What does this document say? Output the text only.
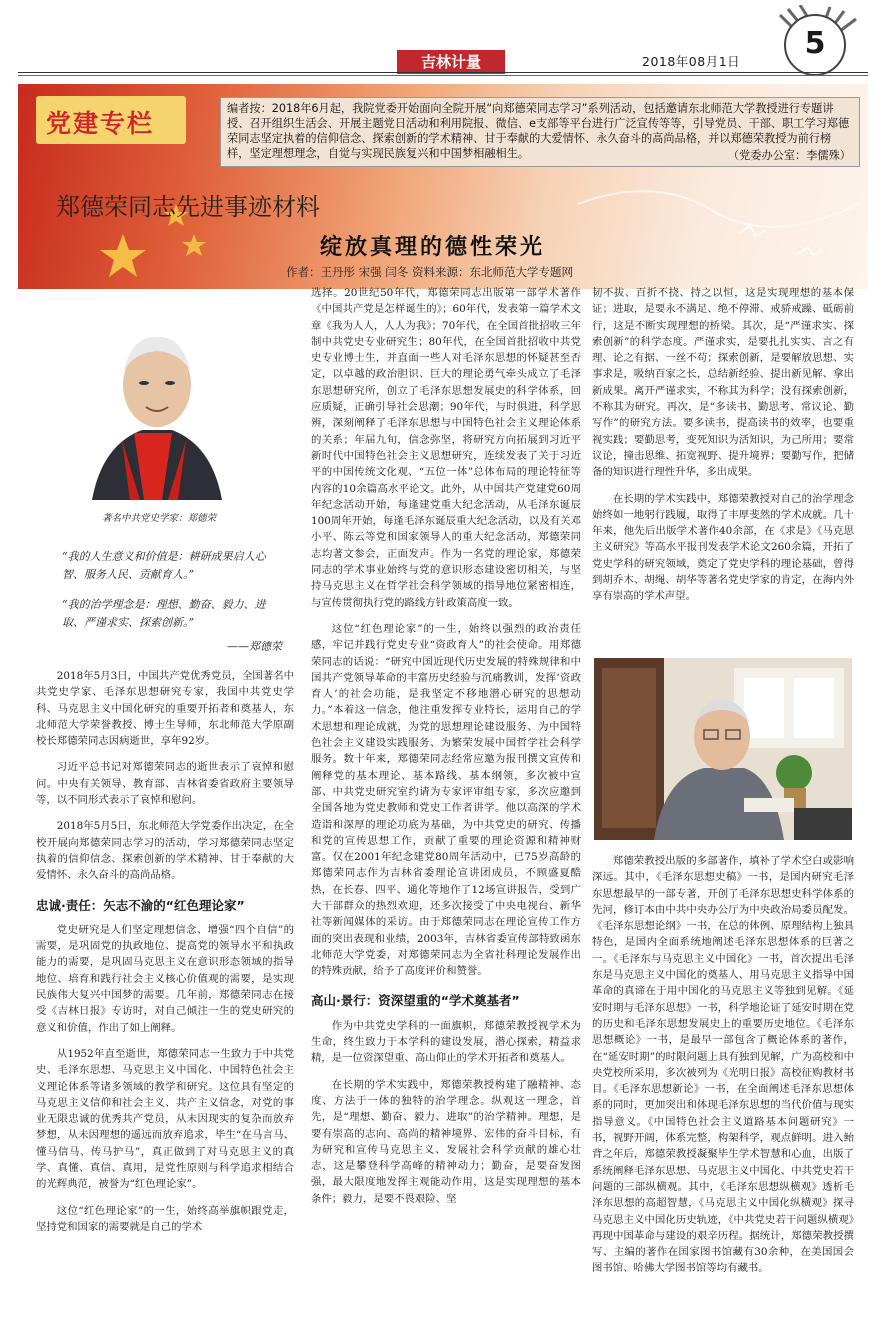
5
吉林计量	2018年08月1日
党建专栏
编者按：2018年6月起，我院党委开始面向全院开展“向郑德荣同志学习”系列活动，包括邀请东北师范大学教授进行专题讲授、召开组织生活会、开展主题党日活动和利用院报、微信、e支部等平台进行广泛宣传等等，引导党员、干部、职工学习郑德荣同志坚定执着的信仰信念、探索创新的学术精神、甘于奉献的大爱情怀、永久奋斗的高尚品格，并以郑德荣教授为前行榜样，坚定理想理念，自觉与实现民族复兴和中国梦相融相生。	（党委办公室：李儒殊）
郑德荣同志先进事迹材料
绽放真理的德性荣光
作者：王丹彤 宋强 闫冬 资料来源：东北师范大学专题网
著名中共党史学家：郑德荣
“我的人生意义和价值是：耕研成果启人心智、服务人民、贡献育人。”
“我的治学理念是：理想、勤奋、毅力、进取、严谨求实、探索创新。”
——郑德荣

2018年5月3日，中国共产党优秀党员，全国著名中共党史学家、毛泽东思想研究专家，我国中共党史学科、马克思主义中国化研究的重要开拓者和奠基人，东北师范大学荣誉教授、博士生导师，东北师范大学原副校长郑德荣同志因病逝世，享年92岁。

习近平总书记对郑德荣同志的逝世表示了哀悼和慰问。中央有关领导、教育部、吉林省委省政府主要领导等，以不同形式表示了哀悼和慰问。

2018年5月5日，东北师范大学党委作出决定，在全校开展向郑德荣同志学习的活动，学习郑德荣同志坚定执着的信仰信念、探索创新的学术精神、甘于奉献的大爱情怀、永久奋斗的高尚品格。

忠诚·责任：矢志不渝的“红色理论家”

党史研究是人们坚定理想信念、增强“四个自信”的需要，是巩固党的执政地位、提高党的领导水平和执政能力的需要，是巩固马克思主义在意识形态领域的指导地位、培育和践行社会主义核心价值观的需要，是实现民族伟大复兴中国梦的需要。几年前，郑德荣同志在接受《吉林日报》专访时，对自己倾注一生的党史研究的意义和价值，作出了如上阐释。

从1952年直至逝世，郑德荣同志一生致力于中共党史、毛泽东思想、马克思主义中国化、中国特色社会主义理论体系等诸多领域的教学和研究。这位具有坚定的马克思主义信仰和社会主义、共产主义信念，对党的事业无限忠诚的优秀共产党员，从未因现实的复杂而放弃梦想，从未因理想的遥远而放弃追求，毕生“在马言马、懂马信马、传马护马”，真正做到了对马克思主义的真学、真懂、真信、真用，是党性原则与科学追求相结合的光辉典范，被誉为“红色理论家”。

这位“红色理论家”的一生，始终高举旗帜跟党走，坚持党和国家的需要就是自己的学术

选择。20世纪50年代，郑德荣同志出版第一部学术著作《中国共产党是怎样诞生的》；60年代，发表第一篇学术文章《我为人人，人人为我》；70年代，在全国首批招收三年制中共党史专业研究生；80年代，在全国首批招收中共党史专业博士生，并直面一些人对毛泽东思想的怀疑甚至否定，以卓越的政治胆识、巨大的理论勇气牵头成立了毛泽东思想研究所，创立了毛泽东思想发展史的科学体系，回应质疑，正确引导社会思潮；90年代，与时俱进，科学思辨，深刻阐释了毛泽东思想与中国特色社会主义理论体系的关系；年届九旬，信念弥坚，将研究方向拓展到习近平新时代中国特色社会主义思想研究，连续发表了关于习近平的中国传统文化观、“五位一体”总体布局的理论特征等内容的10余篇高水平论文。此外，从中国共产党建党60周年纪念活动开始，每逢建党重大纪念活动，从毛泽东诞辰100周年开始，每逢毛泽东诞辰重大纪念活动，以及有关邓小平、陈云等党和国家领导人的重大纪念活动，郑德荣同志均著文参会，正面发声。作为一名党的理论家，郑德荣同志的学术事业始终与党的意识形态建设密切相关，与坚持马克思主义在哲学社会科学领域的指导地位紧密相连，与宣传贯彻执行党的路线方针政策高度一致。

这位“红色理论家”的一生，始终以强烈的政治责任感，牢记并践行党史专业“资政育人”的社会使命。用郑德荣同志的话说：“研究中国近现代历史发展的特殊规律和中国共产党领导革命的丰富历史经验与沉痛教训，发挥‘资政育人’的社会功能，是我坚定不移地潜心研究的思想动力。”本着这一信念，他注重发挥专业特长，运用自己的学术思想和理论成就，为党的思想理论建设服务、为中国特色社会主义建设实践服务、为繁荣发展中国哲学社会科学服务。数十年来，郑德荣同志经常应邀为报刊撰文宣传和阐释党的基本理论、基本路线、基本纲领，多次被中宣部、中共党史研究室约请为专家评审组专家，多次应邀到全国各地为党史教师和党史工作者讲学。他以高深的学术造诣和深厚的理论功底为基础，为中共党史的研究、传播和党的宣传思想工作，贡献了重要的理论资源和精神财富。仅在2001年纪念建党80周年活动中，已75岁高龄的郑德荣同志作为吉林省委理论宣讲团成员，不顾盛夏酷热，在长春、四平、通化等地作了12场宣讲报告，受到广大干部群众的热烈欢迎，还多次接受了中央电视台、新华社等新闻媒体的采访。由于郑德荣同志在理论宣传工作方面的突出表现和业绩，2003年，吉林省委宣传部特致函东北师范大学党委，对郑德荣同志为全省社科理论发展作出的特殊贡献，给予了高度评价和赞誉。

高山·景行：资深望重的“学术奠基者”

作为中共党史学科的一面旗帜，郑德荣教授视学术为生命，终生致力于本学科的建设发展，潜心探索，精益求精，是一位资深望重、高山仰止的学术开拓者和奠基人。

在长期的学术实践中，郑德荣教授构建了融精神、态度、方法于一体的独特的治学理念。纵观这一理念，首先，是“理想、勤奋、毅力、进取”的治学精神。理想，是要有崇高的志向、高尚的精神境界、宏伟的奋斗目标，有为研究和宣传马克思主义、发展社会科学贡献的雄心壮志，这是攀登科学高峰的精神动力；勤奋，是要奋发图强，最大限度地发挥主观能动作用，这是实现理想的基本条件；毅力，是要不畏艰险、坚

韧不拔、百折不挠、持之以恒，这是实现理想的基本保证；进取，是要永不满足、绝不停滞、戒骄戒躁、砥砺前行，这是不断实现理想的桥梁。其次，是“严谨求实、探索创新”的科学态度。严谨求实，是要扎扎实实、言之有理、论之有据、一丝不苟；探索创新，是要解放思想、实事求是，吸纳百家之长，总结新经验、提出新见解、拿出新成果。离开严谨求实，不称其为科学；没有探索创新，不称其为研究。再次，是“多读书、勤思考、常议论、勤写作”的研究方法。要多读书，提高读书的效率，也要重视实践；要勤思考，变死知识为活知识，为己所用；要常议论，撞击思维、拓宽视野、提升境界；要勤写作，把储备的知识进行理性升华，多出成果。

在长期的学术实践中，郑德荣教授对自己的治学理念始终如一地躬行践履，取得了丰厚斐然的学术成就。几十年来，他先后出版学术著作40余部，在《求是》《马克思主义研究》等高水平报刊发表学术论文260余篇，开拓了党史学科的研究领域，奠定了党史学科的理论基础，曾得到胡乔木、胡绳、胡华等著名党史学家的肯定，在海内外享有崇高的学术声望。

郑德荣教授出版的多部著作，填补了学术空白或影响深远。其中，《毛泽东思想史稿》一书，是国内研究毛泽东思想最早的一部专著，开创了毛泽东思想史科学体系的先河，修订本由中共中央办公厅为中央政治局委员配发。《毛泽东思想论纲》一书，在总的体例、原理结构上独具特色，是国内全面系统地阐述毛泽东思想体系的巨著之一。《毛泽东与马克思主义中国化》一书，首次提出毛泽东是马克思主义中国化的奠基人、用马克思主义指导中国革命的真谛在于用中国化的马克思主义等独到见解。《延安时期与毛泽东思想》一书，科学地论证了延安时期在党的历史和毛泽东思想发展史上的重要历史地位。《毛泽东思想概论》一书，是最早一部包含了概论体系的著作，在“延安时期”的时限问题上具有独到见解，广为高校和中央党校所采用，多次被列为《光明日报》高校征购教材书目。《毛泽东思想新论》一书，在全面阐述毛泽东思想体系的同时，更加突出和体现毛泽东思想的当代价值与现实指导意义。《中国特色社会主义道路基本问题研究》一书，视野开阔，体系完整，构架科学，观点鲜明。进入鲐背之年后，郑德荣教授凝聚毕生学术智慧和心血，出版了系统阐释毛泽东思想、马克思主义中国化、中共党史若干问题的三部纵横观。其中，《毛泽东思想纵横观》透析毛泽东思想的高超智慧，《马克思主义中国化纵横观》探寻马克思主义中国化历史轨迹，《中共党史若干问题纵横观》再现中国革命与建设的艰辛历程。据统计，郑德荣教授撰写、主编的著作在国家图书馆藏有30余种，在美国国会图书馆、哈佛大学图书馆等均有藏书。
